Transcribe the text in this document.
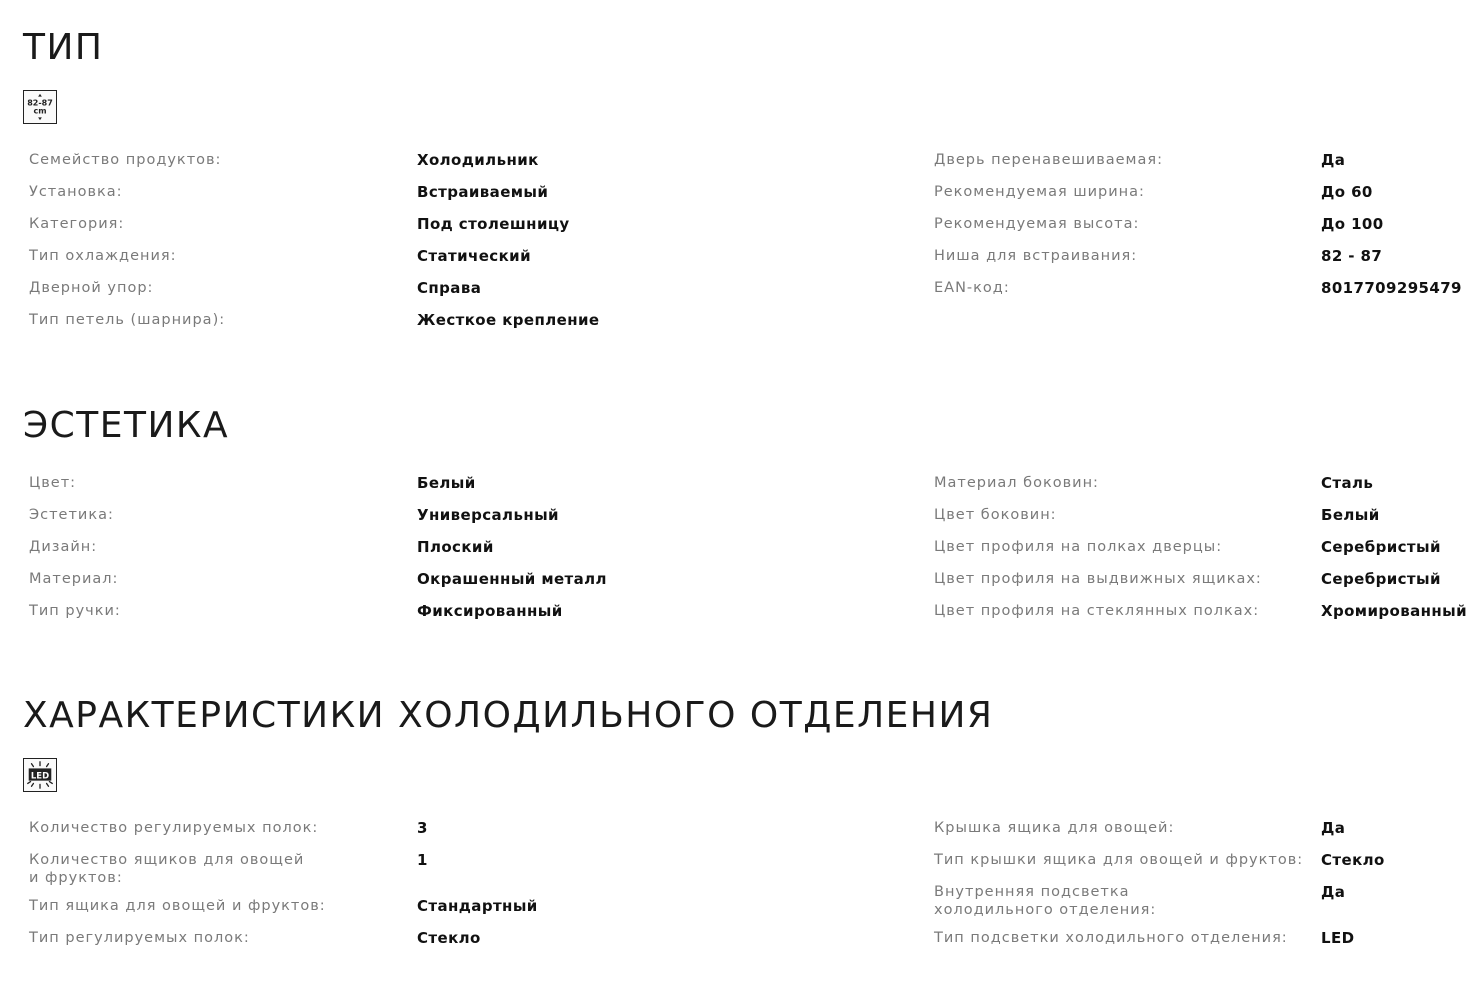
ТИП
82-87
cm
Семейство продуктов:	Холодильник
Установка:	Встраиваемый
Категория:	Под столешницу
Тип охлаждения:	Статический
Дверной упор:	Справа
Тип петель (шарнира):	Жесткое крепление
Дверь перенавешиваемая:	Да
Рекомендуемая ширина:	До 60
Рекомендуемая высота:	До 100
Ниша для встраивания:	82 - 87
EAN-код:	8017709295479
ЭСТЕТИКА
Цвет:	Белый
Эстетика:	Универсальный
Дизайн:	Плоский
Материал:	Окрашенный металл
Тип ручки:	Фиксированный
Материал боковин:	Сталь
Цвет боковин:	Белый
Цвет профиля на полках дверцы:	Серебристый
Цвет профиля на выдвижных ящиках:	Серебристый
Цвет профиля на стеклянных полках:	Хромированный
ХАРАКТЕРИСТИКИ ХОЛОДИЛЬНОГО ОТДЕЛЕНИЯ
LED
Количество регулируемых полок:	3
Количество ящиков для овощей и фруктов:
1
Тип ящика для овощей и фруктов:	Стандартный
Тип регулируемых полок:	Стекло
Крышка ящика для овощей:	Да
Тип крышки ящика для овощей и фруктов:	Стекло
Внутренняя подсветка холодильного отделения:
Да
Тип подсветки холодильного отделения:	LED
